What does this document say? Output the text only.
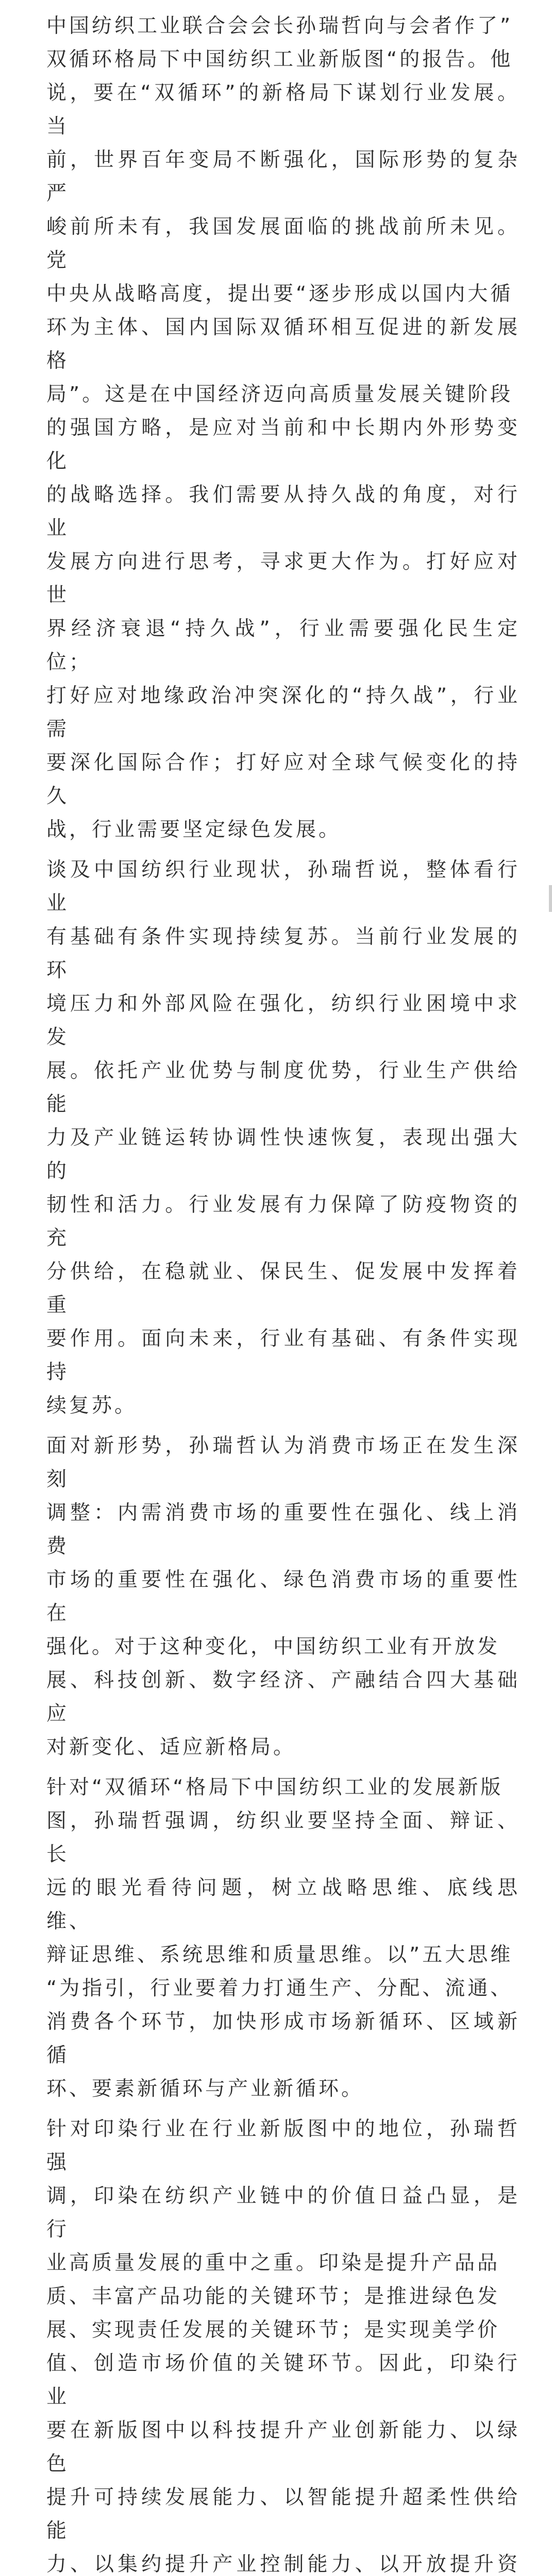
中国纺织工业联合会会长孙瑞哲向与会者作了”
双循环格局下中国纺织工业新版图“的报告。他
说，要在“双循环”的新格局下谋划行业发展。当
前，世界百年变局不断强化，国际形势的复杂严
峻前所未有，我国发展面临的挑战前所未见。党
中央从战略高度，提出要“逐步形成以国内大循
环为主体、国内国际双循环相互促进的新发展格
局”。这是在中国经济迈向高质量发展关键阶段
的强国方略，是应对当前和中长期内外形势变化
的战略选择。我们需要从持久战的角度，对行业
发展方向进行思考，寻求更大作为。打好应对世
界经济衰退“持久战”，行业需要强化民生定位；
打好应对地缘政治冲突深化的“持久战”，行业需
要深化国际合作；打好应对全球气候变化的持久
战，行业需要坚定绿色发展。

谈及中国纺织行业现状，孙瑞哲说，整体看行业
有基础有条件实现持续复苏。当前行业发展的环
境压力和外部风险在强化，纺织行业困境中求发
展。依托产业优势与制度优势，行业生产供给能
力及产业链运转协调性快速恢复，表现出强大的
韧性和活力。行业发展有力保障了防疫物资的充
分供给，在稳就业、保民生、促发展中发挥着重
要作用。面向未来，行业有基础、有条件实现持
续复苏。

面对新形势，孙瑞哲认为消费市场正在发生深刻
调整：内需消费市场的重要性在强化、线上消费
市场的重要性在强化、绿色消费市场的重要性在
强化。对于这种变化，中国纺织工业有开放发
展、科技创新、数字经济、产融结合四大基础应
对新变化、适应新格局。

针对“双循环“格局下中国纺织工业的发展新版
图，孙瑞哲强调，纺织业要坚持全面、辩证、长
远的眼光看待问题，树立战略思维、底线思维、
辩证思维、系统思维和质量思维。以”五大思维
“为指引，行业要着力打通生产、分配、流通、
消费各个环节，加快形成市场新循环、区域新循
环、要素新循环与产业新循环。

针对印染行业在行业新版图中的地位，孙瑞哲强
调，印染在纺织产业链中的价值日益凸显，是行
业高质量发展的重中之重。印染是提升产品品
质、丰富产品功能的关键环节；是推进绿色发
展、实现责任发展的关键环节；是实现美学价
值、创造市场价值的关键环节。因此，印染行业
要在新版图中以科技提升产业创新能力、以绿色
提升可持续发展能力、以智能提升超柔性供给能
力、以集约提升产业控制能力、以开放提升资
